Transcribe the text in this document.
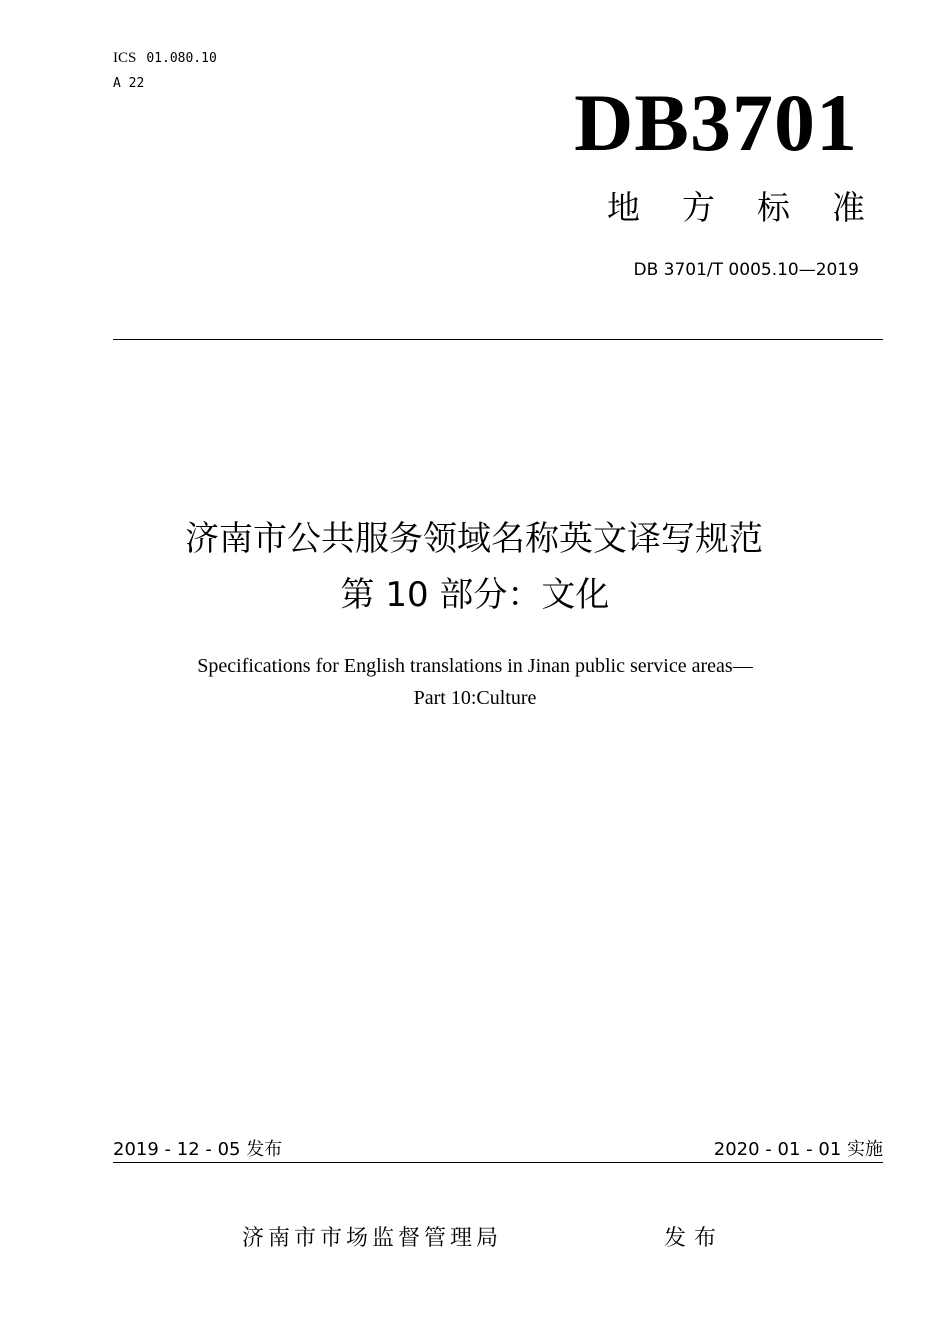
ICS 01.080.10
A 22	DB3701
地方标准
DB 3701/T 0005.10—2019
济南市公共服务领域名称英文译写规范
第 10 部分：文化
Specifications for English translations in Jinan public service areas—
Part 10:Culture
2019 - 12 - 05 发布	2020 - 01 - 01 实施
济南市市场监督管理局	发布
